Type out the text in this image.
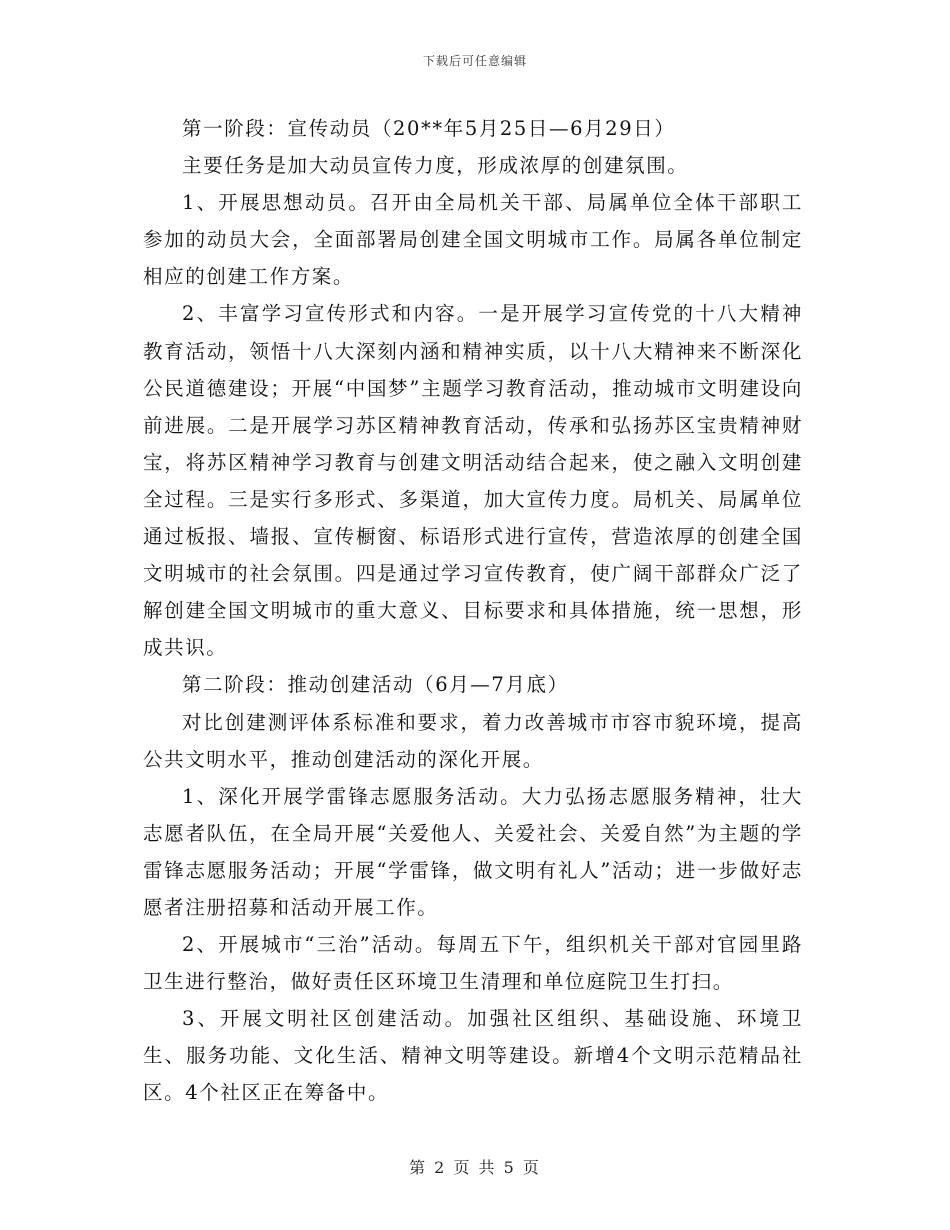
下载后可任意编辑

第一阶段：宣传动员（20**年5月25日—6月29日）

主要任务是加大动员宣传力度，形成浓厚的创建氛围。

1、开展思想动员。召开由全局机关干部、局属单位全体干部职工参加的动员大会，全面部署局创建全国文明城市工作。局属各单位制定相应的创建工作方案。

2、丰富学习宣传形式和内容。一是开展学习宣传党的十八大精神教育活动，领悟十八大深刻内涵和精神实质，以十八大精神来不断深化公民道德建设；开展“中国梦”主题学习教育活动，推动城市文明建设向前进展。二是开展学习苏区精神教育活动，传承和弘扬苏区宝贵精神财宝，将苏区精神学习教育与创建文明活动结合起来，使之融入文明创建全过程。三是实行多形式、多渠道，加大宣传力度。局机关、局属单位通过板报、墙报、宣传橱窗、标语形式进行宣传，营造浓厚的创建全国文明城市的社会氛围。四是通过学习宣传教育，使广阔干部群众广泛了解创建全国文明城市的重大意义、目标要求和具体措施，统一思想，形成共识。

第二阶段：推动创建活动（6月—7月底）

对比创建测评体系标准和要求，着力改善城市市容市貌环境，提高公共文明水平，推动创建活动的深化开展。

1、深化开展学雷锋志愿服务活动。大力弘扬志愿服务精神，壮大志愿者队伍，在全局开展“关爱他人、关爱社会、关爱自然”为主题的学雷锋志愿服务活动；开展“学雷锋，做文明有礼人”活动；进一步做好志愿者注册招募和活动开展工作。

2、开展城市“三治”活动。每周五下午，组织机关干部对官园里路卫生进行整治，做好责任区环境卫生清理和单位庭院卫生打扫。

3、开展文明社区创建活动。加强社区组织、基础设施、环境卫生、服务功能、文化生活、精神文明等建设。新增4个文明示范精品社区。4个社区正在筹备中。

第 2 页 共 5 页
